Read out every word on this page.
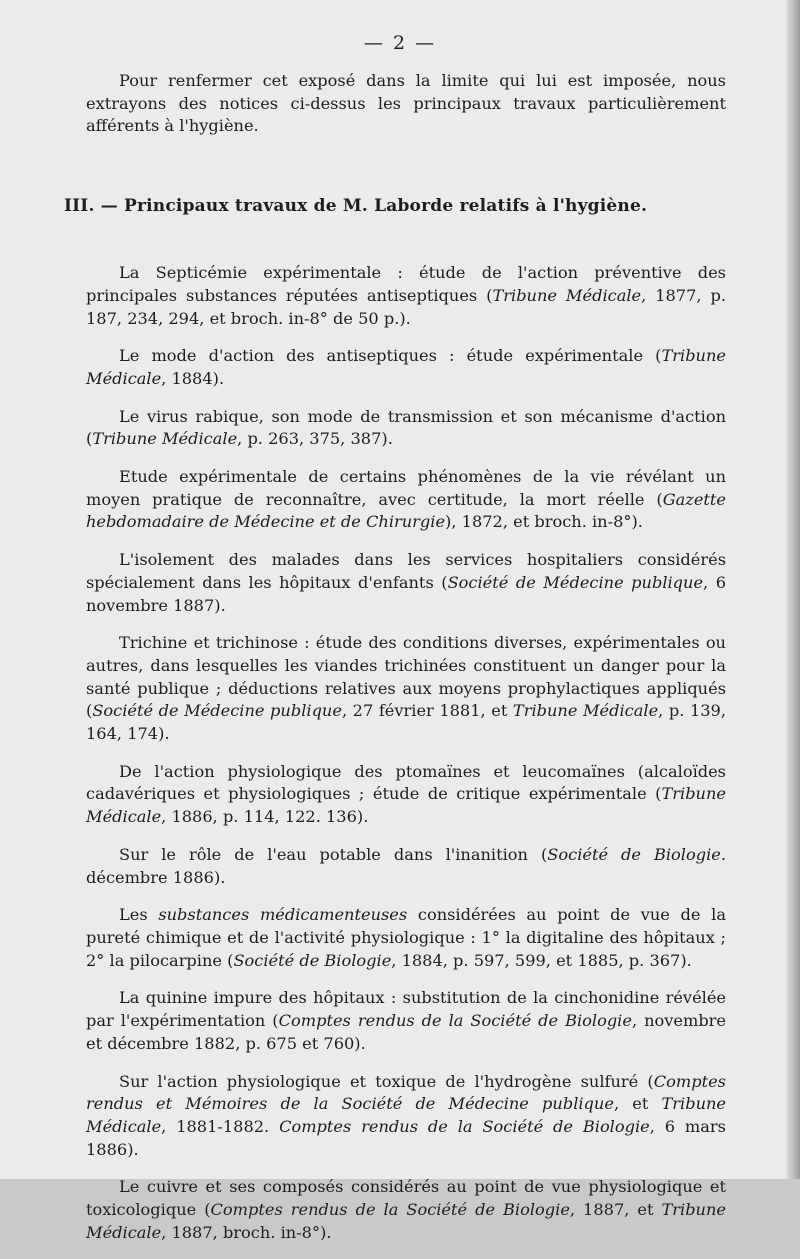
— 2 —

Pour renfermer cet exposé dans la limite qui lui est imposée, nous extrayons des notices ci-dessus les principaux travaux particulièrement afférents à l'hygiène.

III. — Principaux travaux de M. Laborde relatifs à l'hygiène.

La Septicémie expérimentale : étude de l'action préventive des principales substances réputées antiseptiques (Tribune Médicale, 1877, p. 187, 234, 294, et broch. in-8° de 50 p.).

Le mode d'action des antiseptiques : étude expérimentale (Tribune Médicale, 1884).

Le virus rabique, son mode de transmission et son mécanisme d'action (Tribune Médicale, p. 263, 375, 387).

Etude expérimentale de certains phénomènes de la vie révélant un moyen pratique de reconnaître, avec certitude, la mort réelle (Gazette hebdomadaire de Médecine et de Chirurgie), 1872, et broch. in-8°).

L'isolement des malades dans les services hospitaliers considérés spécialement dans les hôpitaux d'enfants (Société de Médecine publique, 6 novembre 1887).

Trichine et trichinose : étude des conditions diverses, expérimentales ou autres, dans lesquelles les viandes trichinées constituent un danger pour la santé publique ; déductions relatives aux moyens prophylactiques appliqués (Société de Médecine publique, 27 février 1881, et Tribune Médicale, p. 139, 164, 174).

De l'action physiologique des ptomaïnes et leucomaïnes (alcaloïdes cadavériques et physiologiques ; étude de critique expérimentale (Tribune Médicale, 1886, p. 114, 122. 136).

Sur le rôle de l'eau potable dans l'inanition (Société de Biologie. décembre 1886).

Les substances médicamenteuses considérées au point de vue de la pureté chimique et de l'activité physiologique : 1° la digitaline des hôpitaux ; 2° la pilocarpine (Société de Biologie, 1884, p. 597, 599, et 1885, p. 367).

La quinine impure des hôpitaux : substitution de la cinchonidine révélée par l'expérimentation (Comptes rendus de la Société de Biologie, novembre et décembre 1882, p. 675 et 760).

Sur l'action physiologique et toxique de l'hydrogène sulfuré (Comptes rendus et Mémoires de la Société de Médecine publique, et Tribune Médicale, 1881-1882. Comptes rendus de la Société de Biologie, 6 mars 1886).

Le cuivre et ses composés considérés au point de vue physiologique et toxicologique (Comptes rendus de la Société de Biologie, 1887, et Tribune Médicale, 1887, broch. in-8°).
